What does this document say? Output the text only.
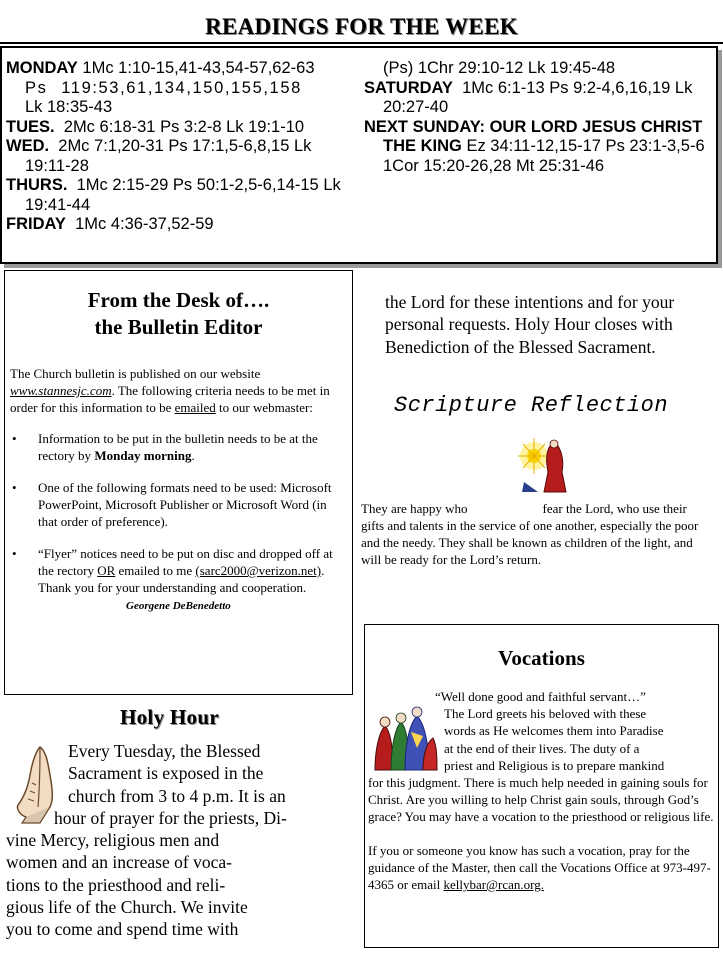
READINGS FOR THE WEEK
MONDAY 1Mc 1:10-15,41-43,54-57,62-63
Ps 119:53,61,134,150,155,158
Lk 18:35-43
TUES. 2Mc 6:18-31 Ps 3:2-8 Lk 19:1-10
WED. 2Mc 7:1,20-31 Ps 17:1,5-6,8,15 Lk 19:11-28
THURS. 1Mc 2:15-29 Ps 50:1-2,5-6,14-15 Lk 19:41-44
FRIDAY 1Mc 4:36-37,52-59
(Ps) 1Chr 29:10-12 Lk 19:45-48
SATURDAY 1Mc 6:1-13 Ps 9:2-4,6,16,19 Lk 20:27-40
NEXT SUNDAY: OUR LORD JESUS CHRIST THE KING Ez 34:11-12,15-17 Ps 23:1-3,5-6 1Cor 15:20-26,28 Mt 25:31-46
From the Desk of….
the Bulletin Editor
The Church bulletin is published on our website www.stannesjc.com. The following criteria needs to be met in order for this information to be emailed to our webmaster:
• Information to be put in the bulletin needs to be at the rectory by Monday morning.
• One of the following formats need to be used: Microsoft PowerPoint, Microsoft Publisher or Microsoft Word (in that order of preference).
• “Flyer” notices need to be put on disc and dropped off at the rectory OR emailed to me (sarc2000@verizon.net).
Thank you for your understanding and cooperation. Georgene DeBenedetto
Holy Hour
Every Tuesday, the Blessed
Sacrament is exposed in the
church from 3 to 4 p.m. It is an
hour of prayer for the priests, Di-
vine Mercy, religious men and
women and an increase of voca-
tions to the priesthood and reli-
gious life of the Church. We invite
you to come and spend time with
the Lord for these intentions and for your personal requests. Holy Hour closes with Benediction of the Blessed Sacrament.
Scripture Reflection
They are happy who	fear the Lord, who use their gifts and talents in the service of one another, especially the poor and the needy. They shall be known as children of the light, and will be ready for the Lord’s return.
Vocations
“Well done good and faithful servant…”
The Lord greets his beloved with these
words as He welcomes them into Paradise
at the end of their lives. The duty of a
priest and Religious is to prepare mankind
for this judgment. There is much help needed in gaining souls for Christ. Are you willing to help Christ gain souls, through God’s grace? You may have a vocation to the priesthood or religious life.
If you or someone you know has such a vocation, pray for the guidance of the Master, then call the Vocations Office at 973-497-4365 or email kellybar@rcan.org.
